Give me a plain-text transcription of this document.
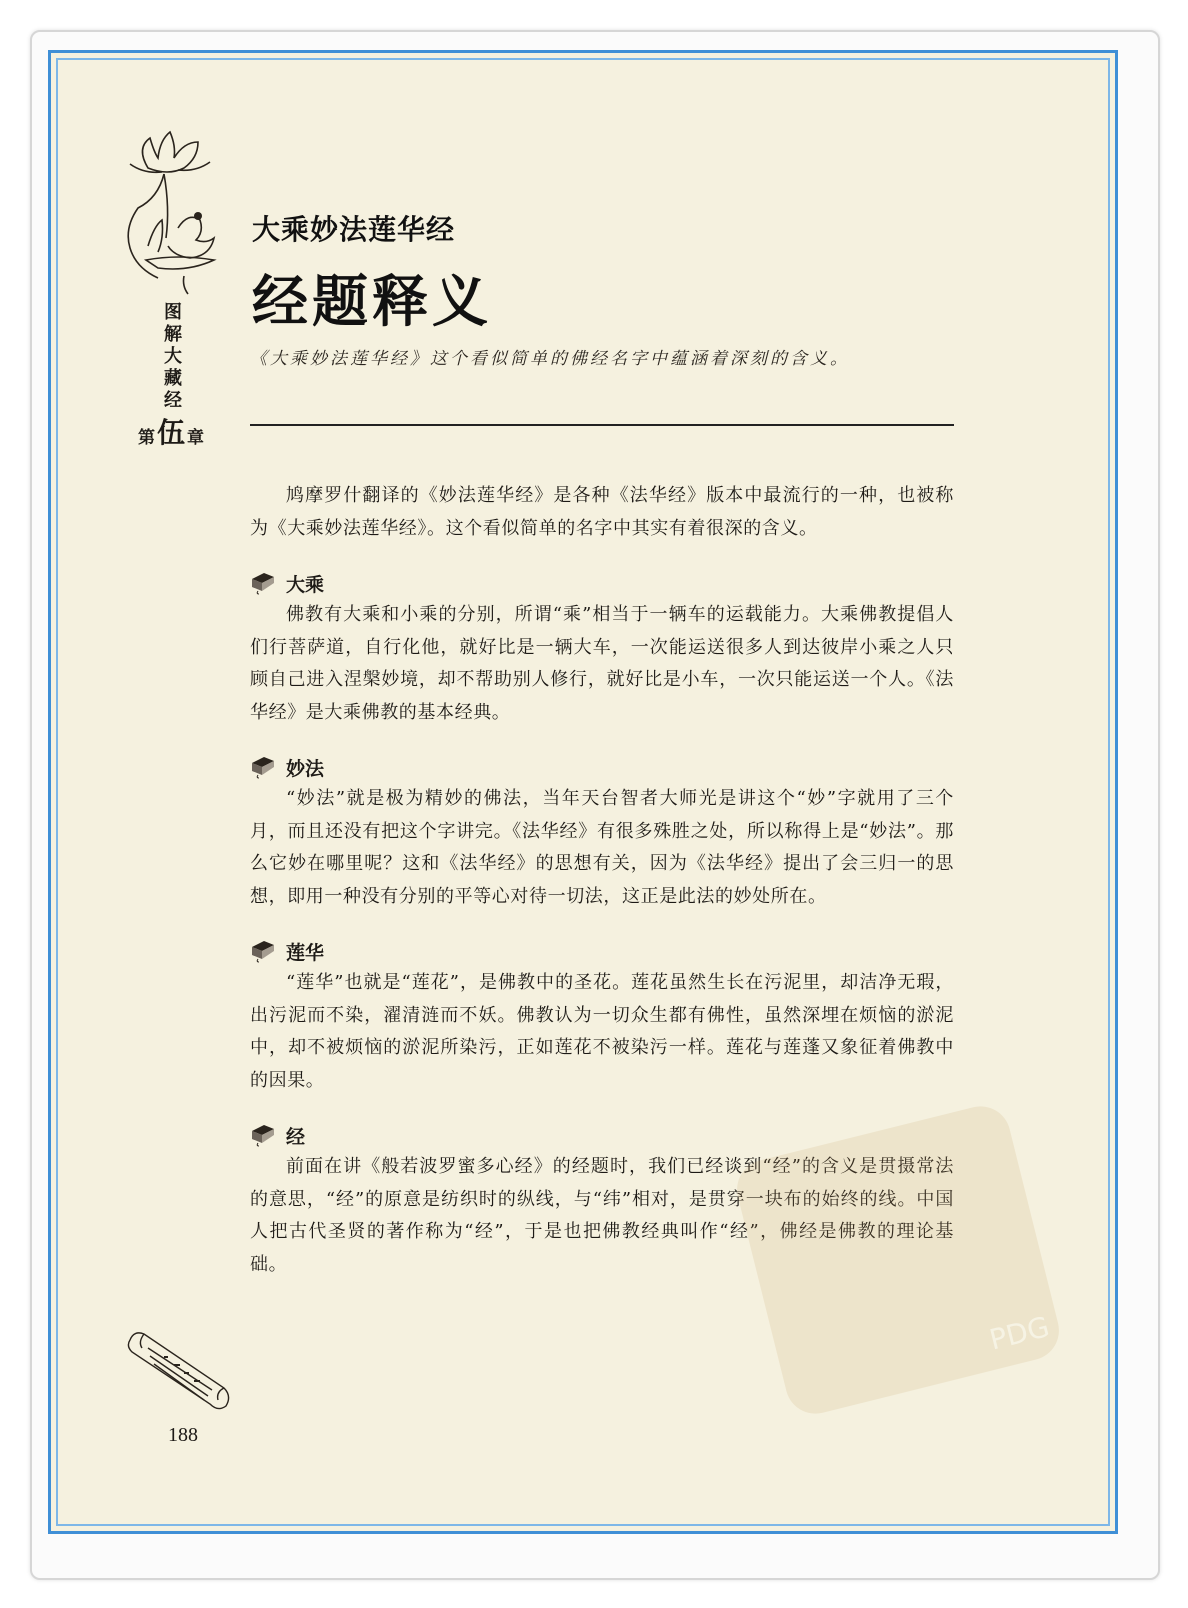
图
解
大
藏
经
第 伍 章
大乘妙法莲华经
经题释义
《大乘妙法莲华经》这个看似简单的佛经名字中蕴涵着深刻的含义。

鸠摩罗什翻译的《妙法莲华经》是各种《法华经》版本中最流行的一种，也被称为《大乘妙法莲华经》。这个看似简单的名字中其实有着很深的含义。

大乘

佛教有大乘和小乘的分别，所谓“乘”相当于一辆车的运载能力。大乘佛教提倡人们行菩萨道，自行化他，就好比是一辆大车，一次能运送很多人到达彼岸小乘之人只顾自己进入涅槃妙境，却不帮助别人修行，就好比是小车，一次只能运送一个人。《法华经》是大乘佛教的基本经典。

妙法

“妙法”就是极为精妙的佛法，当年天台智者大师光是讲这个“妙”字就用了三个月，而且还没有把这个字讲完。《法华经》有很多殊胜之处，所以称得上是“妙法”。那么它妙在哪里呢？这和《法华经》的思想有关，因为《法华经》提出了会三归一的思想，即用一种没有分别的平等心对待一切法，这正是此法的妙处所在。

莲华

“莲华”也就是“莲花”，是佛教中的圣花。莲花虽然生长在污泥里，却洁净无瑕，出污泥而不染，濯清涟而不妖。佛教认为一切众生都有佛性，虽然深埋在烦恼的淤泥中，却不被烦恼的淤泥所染污，正如莲花不被染污一样。莲花与莲蓬又象征着佛教中的因果。

经

前面在讲《般若波罗蜜多心经》的经题时，我们已经谈到“经”的含义是贯摄常法的意思，“经”的原意是纺织时的纵线，与“纬”相对，是贯穿一块布的始终的线。中国人把古代圣贤的著作称为“经”，于是也把佛教经典叫作“经”，佛经是佛教的理论基础。

PDG
188
